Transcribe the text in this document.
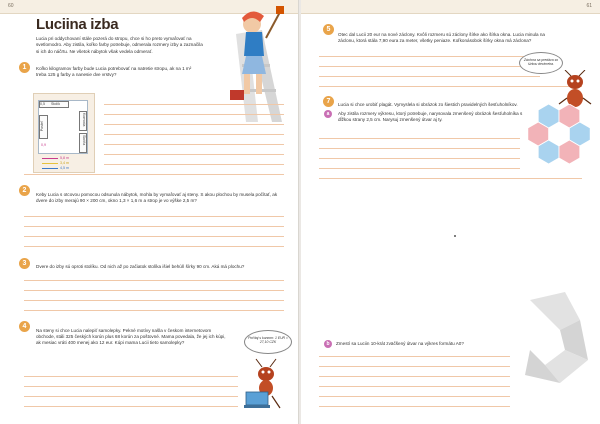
60
Luciina izba
Lucia pri oddychovaní stále pozerá do stropu, chce si ho preto vymaľovať na svetlomodro. Aby zistila, koľko farby potrebuje, odmerala rozmery izby a zaznačila si ich do náčrtu. Ne všetok nábytok však vedela odmerať.
1	Koľko kilogramov farby bude Lucia potrebovať na natretie stropu, ak na 1 m² treba 125 g farby a nanesie dve vrstvy?
0,5 Stolík
Posteľ	Komoda
Skriňa
0,9
5,8 m
3,4 m
4,5 m
2
Keby Lucia s otcovou pomocou odsunula nábytok, mohla by vymaľovať aj steny. S akou plochou by musela počítať, ak dvere do izby merajú 90 × 200 cm, okno 1,3 × 1,6 m a strop je vo výške 2,5 m?
3	Dvere do izby sú oproti stolíku. Od nich až po začiatok stolíka išiel behúň šírky 90 cm. Aká má plochu?
4
Na steny si chce Lucia nalepiť samolepky. Pekné motívy našla v českom internetovom obchode, stáli 325 českých korún plus 68 korún za poštovné. Mama povedala, že jej ich kúpi, ak mesiac vráti 400 menej ako 12 eur. Kúpi mama Lucii tieto samolepky?
Počítaj s kurzom: 1 EUR = 27,10 CZK
61
5
Otec dal Lucii 20 eur na nové záclony. Kvôli rozmeru sú záclony šírke ako šírka okna. Lucia minula na záclonu, ktorá stála 7,90 eura za meter, všetky peniaze. Koľkonásobok šírky okna má záclona?
Záclona sa predáva so šírkou decimetra.
7	Lucia si chce urobiť plagát. Vymyslela si obrázok zo šiestich pravidelných šesťuholníkov.
a	Aby zistila rozmery výkresu, ktorý potrebuje, narysovala zmenšený obrázok šesťuholníka s dĺžkou strany 2,5 cm. Narysuj zmenšený útvar aj ty.
b	Zmestí sa Luciin 10-krát zväčšený útvar na výkres formátu A0?
